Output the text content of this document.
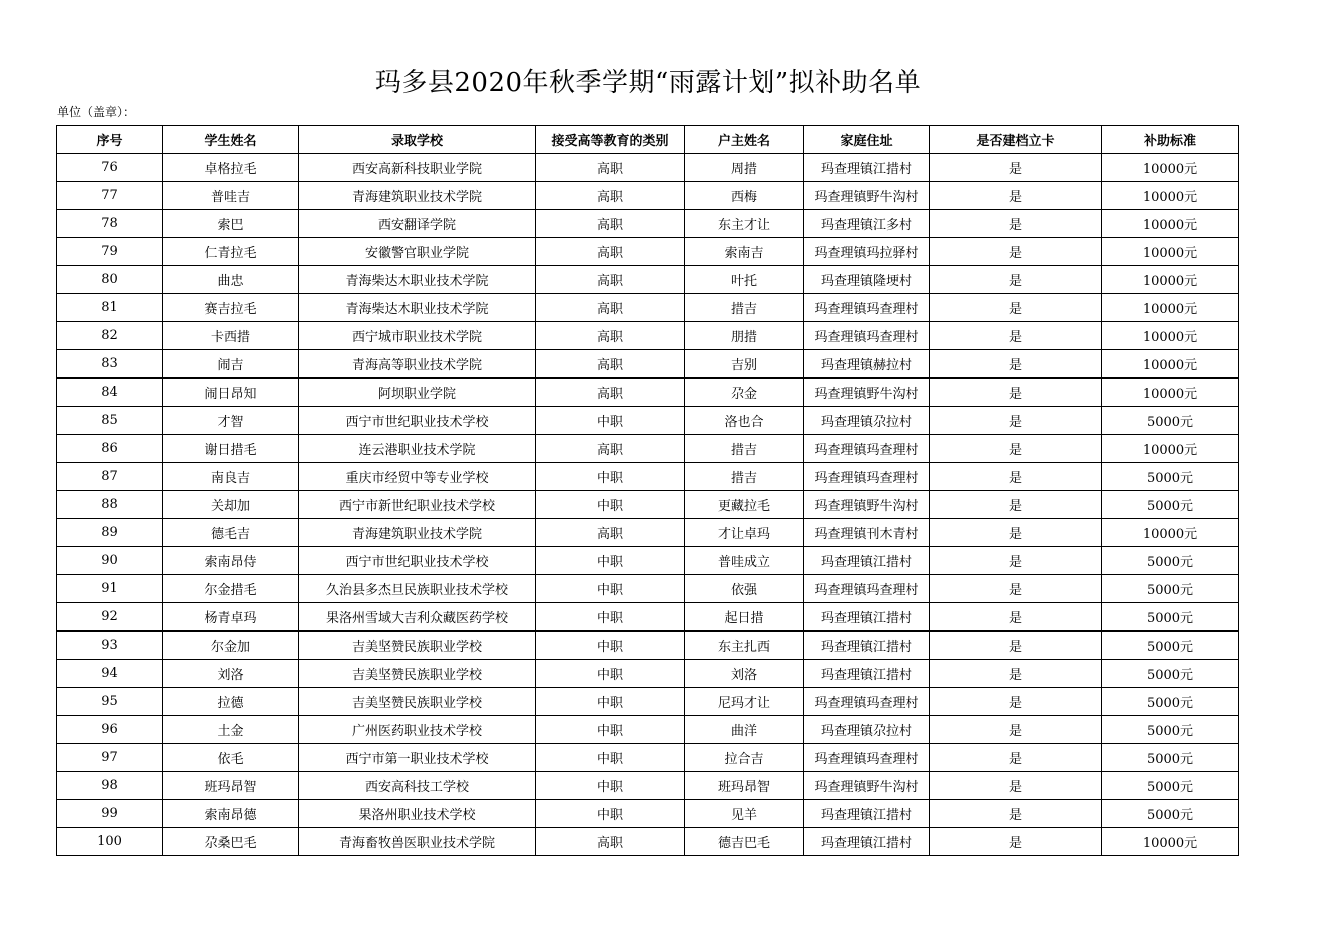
玛多县2020年秋季学期“雨露计划”拟补助名单
单位（盖章）：
序号	学生姓名	录取学校	接受高等教育的类别	户主姓名	家庭住址	是否建档立卡	补助标准
76	卓格拉毛	西安高新科技职业学院	高职	周措	玛查理镇江措村	是	10000元
77	普哇吉	青海建筑职业技术学院	高职	西梅	玛查理镇野牛沟村	是	10000元
78	索巴	西安翻译学院	高职	东主才让	玛查理镇江多村	是	10000元
79	仁青拉毛	安徽警官职业学院	高职	索南吉	玛查理镇玛拉驿村	是	10000元
80	曲忠	青海柴达木职业技术学院	高职	叶托	玛查理镇隆埂村	是	10000元
81	赛吉拉毛	青海柴达木职业技术学院	高职	措吉	玛查理镇玛查理村	是	10000元
82	卡西措	西宁城市职业技术学院	高职	朋措	玛查理镇玛查理村	是	10000元
83	闹吉	青海高等职业技术学院	高职	吉别	玛查理镇赫拉村	是	10000元
84	闹日昂知	阿坝职业学院	高职	尕金	玛查理镇野牛沟村	是	10000元
85	才智	西宁市世纪职业技术学校	中职	洛也合	玛查理镇尕拉村	是	5000元
86	谢日措毛	连云港职业技术学院	高职	措吉	玛查理镇玛查理村	是	10000元
87	南良吉	重庆市经贸中等专业学校	中职	措吉	玛查理镇玛查理村	是	5000元
88	关却加	西宁市新世纪职业技术学校	中职	更藏拉毛	玛查理镇野牛沟村	是	5000元
89	德毛吉	青海建筑职业技术学院	高职	才让卓玛	玛查理镇刊木青村	是	10000元
90	索南昂侍	西宁市世纪职业技术学校	中职	普哇成立	玛查理镇江措村	是	5000元
91	尔金措毛	久治县多杰旦民族职业技术学校	中职	依强	玛查理镇玛查理村	是	5000元
92	杨青卓玛	果洛州雪域大吉利众藏医药学校	中职	起日措	玛查理镇江措村	是	5000元
93	尔金加	吉美坚赞民族职业学校	中职	东主扎西	玛查理镇江措村	是	5000元
94	刘洛	吉美坚赞民族职业学校	中职	刘洛	玛查理镇江措村	是	5000元
95	拉德	吉美坚赞民族职业学校	中职	尼玛才让	玛查理镇玛查理村	是	5000元
96	土金	广州医药职业技术学校	中职	曲洋	玛查理镇尕拉村	是	5000元
97	依毛	西宁市第一职业技术学校	中职	拉合吉	玛查理镇玛查理村	是	5000元
98	班玛昂智	西安高科技工学校	中职	班玛昂智	玛查理镇野牛沟村	是	5000元
99	索南昂德	果洛州职业技术学校	中职	见羊	玛查理镇江措村	是	5000元
100	尕桑巴毛	青海畜牧兽医职业技术学院	高职	德吉巴毛	玛查理镇江措村	是	10000元
